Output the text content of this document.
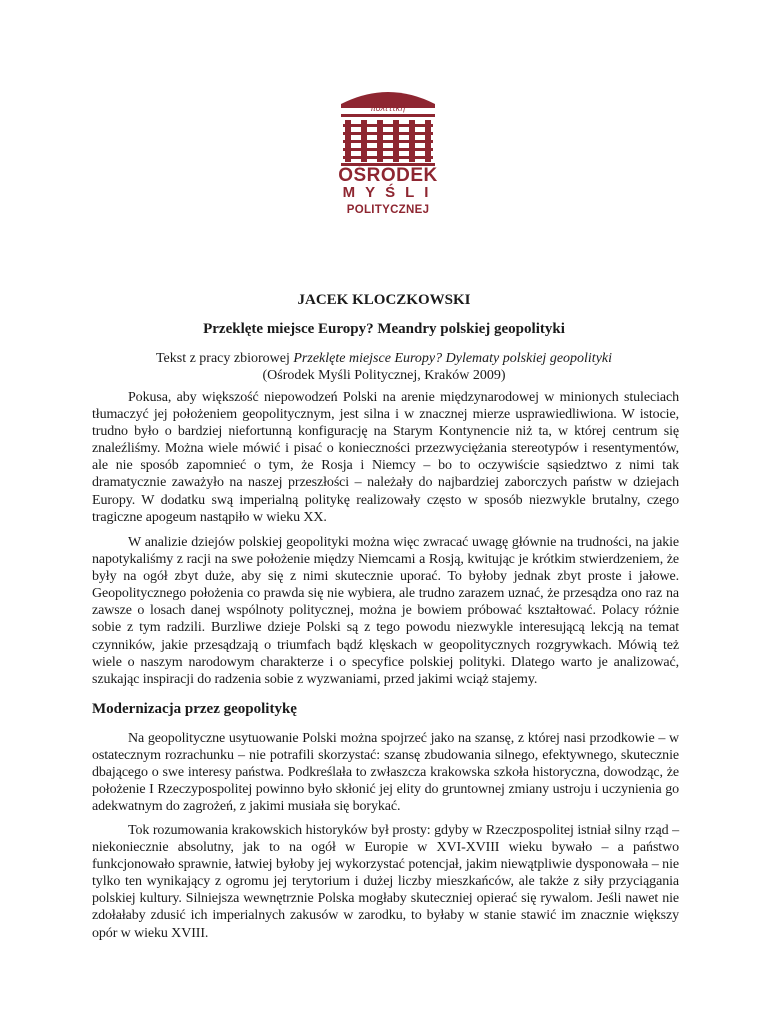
πολιτική
OŚRODEK
MYŚLI
POLITYCZNEJ
JACEK KLOCZKOWSKI
Przeklęte miejsce Europy? Meandry polskiej geopolityki
Tekst z pracy zbiorowej Przeklęte miejsce Europy? Dylematy polskiej geopolityki
(Ośrodek Myśli Politycznej, Kraków 2009)

Pokusa, aby większość niepowodzeń Polski na arenie międzynarodowej w minionych stuleciach tłumaczyć jej położeniem geopolitycznym, jest silna i w znacznej mierze usprawiedliwiona. W istocie, trudno było o bardziej niefortunną konfigurację na Starym Kontynencie niż ta, w której centrum się znaleźliśmy. Można wiele mówić i pisać o konieczności przezwyciężania stereotypów i resentymentów, ale nie sposób zapomnieć o tym, że Rosja i Niemcy – bo to oczywiście sąsiedztwo z nimi tak dramatycznie zaważyło na naszej przeszłości – należały do najbardziej zaborczych państw w dziejach Europy. W dodatku swą imperialną politykę realizowały często w sposób niezwykle brutalny, czego tragiczne apogeum nastąpiło w wieku XX.

W analizie dziejów polskiej geopolityki można więc zwracać uwagę głównie na trudności, na jakie napotykaliśmy z racji na swe położenie między Niemcami a Rosją, kwitując je krótkim stwierdzeniem, że były na ogół zbyt duże, aby się z nimi skutecznie uporać. To byłoby jednak zbyt proste i jałowe. Geopolitycznego położenia co prawda się nie wybiera, ale trudno zarazem uznać, że przesądza ono raz na zawsze o losach danej wspólnoty politycznej, można je bowiem próbować kształtować. Polacy różnie sobie z tym radzili. Burzliwe dzieje Polski są z tego powodu niezwykle interesującą lekcją na temat czynników, jakie przesądzają o triumfach bądź klęskach w geopolitycznych rozgrywkach. Mówią też wiele o naszym narodowym charakterze i o specyfice polskiej polityki. Dlatego warto je analizować, szukając inspiracji do radzenia sobie z wyzwaniami, przed jakimi wciąż stajemy.

Modernizacja przez geopolitykę

Na geopolityczne usytuowanie Polski można spojrzeć jako na szansę, z której nasi przodkowie – w ostatecznym rozrachunku – nie potrafili skorzystać: szansę zbudowania silnego, efektywnego, skutecznie dbającego o swe interesy państwa. Podkreślała to zwłaszcza krakowska szkoła historyczna, dowodząc, że położenie I Rzeczypospolitej powinno było skłonić jej elity do gruntownej zmiany ustroju i uczynienia go adekwatnym do zagrożeń, z jakimi musiała się borykać.

Tok rozumowania krakowskich historyków był prosty: gdyby w Rzeczpospolitej istniał silny rząd – niekoniecznie absolutny, jak to na ogół w Europie w XVI-XVIII wieku bywało – a państwo funkcjonowało sprawnie, łatwiej byłoby jej wykorzystać potencjał, jakim niewątpliwie dysponowała – nie tylko ten wynikający z ogromu jej terytorium i dużej liczby mieszkańców, ale także z siły przyciągania polskiej kultury. Silniejsza wewnętrznie Polska mogłaby skuteczniej opierać się rywalom. Jeśli nawet nie zdołałaby zdusić ich imperialnych zakusów w zarodku, to byłaby w stanie stawić im znacznie większy opór w wieku XVIII.
